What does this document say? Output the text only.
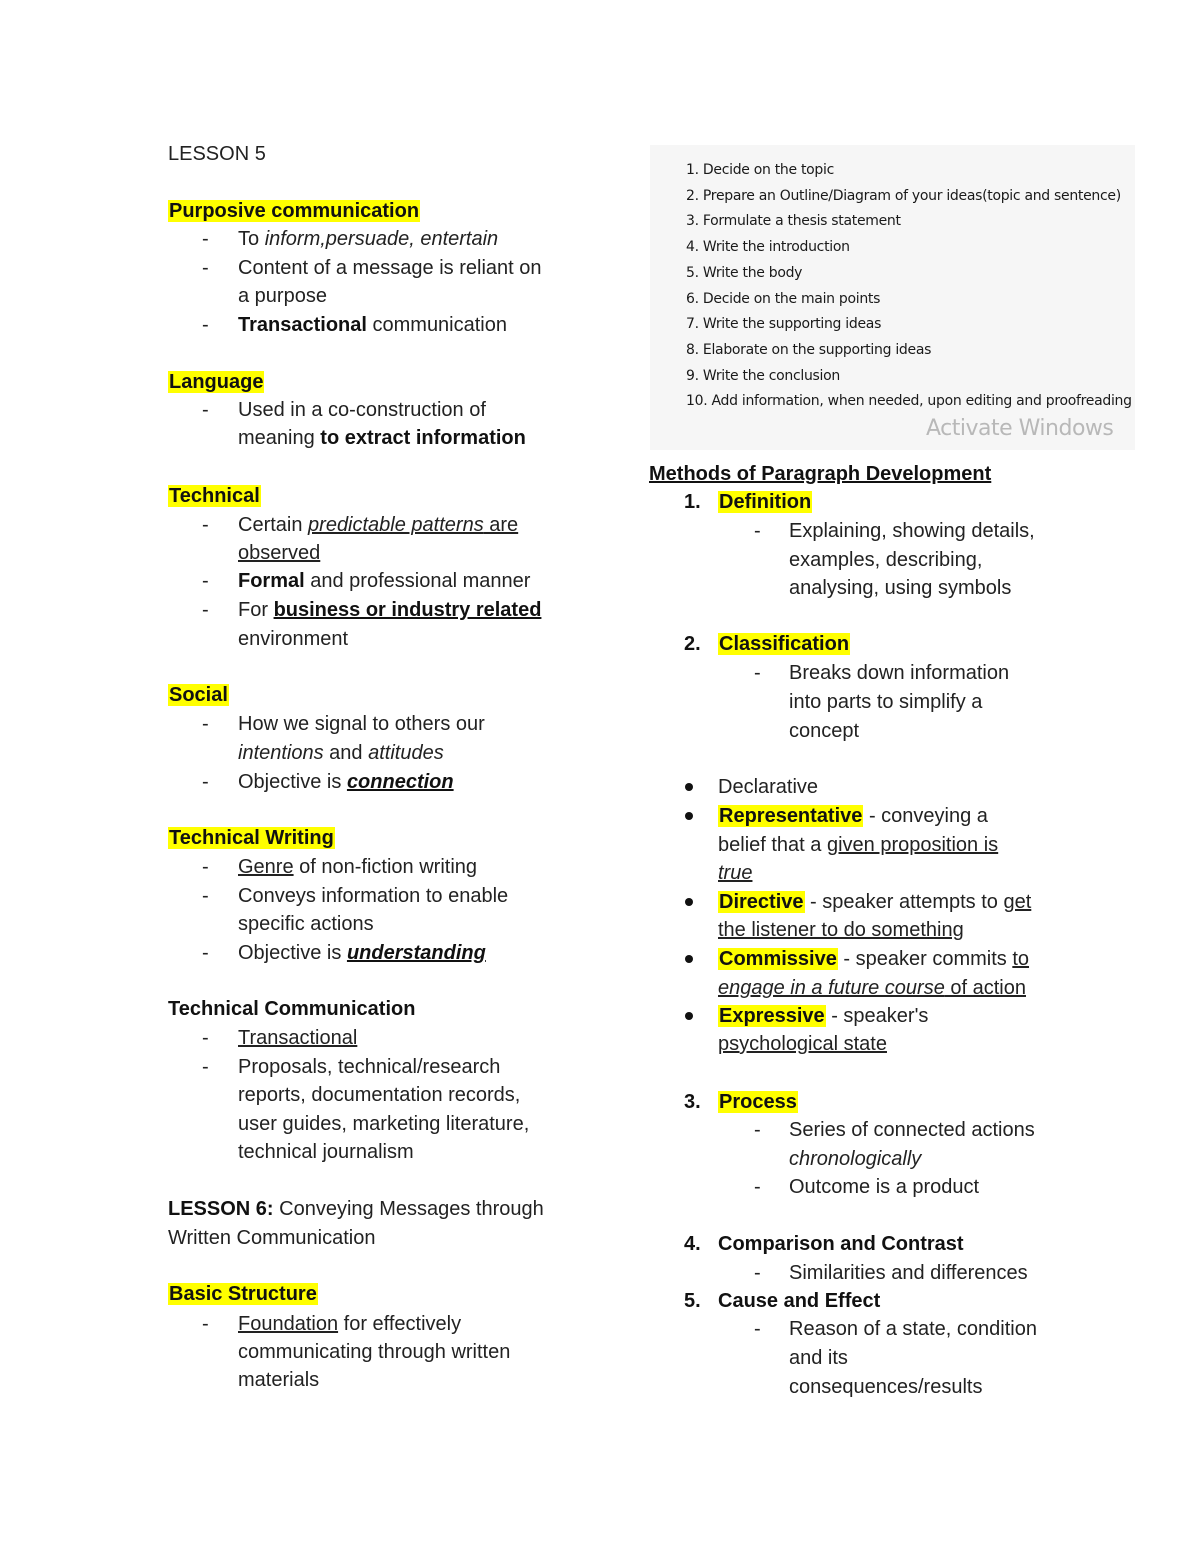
LESSON 5
Purposive communication
- To inform,persuade, entertain
- Content of a message is reliant on
a purpose
- Transactional communication
Language
- Used in a co-construction of
meaning to extract information
Technical
- Certain predictable patterns are
observed
- Formal and professional manner
- For business or industry related
environment
Social
- How we signal to others our
intentions and attitudes
- Objective is connection
Technical Writing
- Genre of non-fiction writing
- Conveys information to enable
specific actions
- Objective is understanding
Technical Communication
- Transactional
- Proposals, technical/research
reports, documentation records,
user guides, marketing literature,
technical journalism
LESSON 6: Conveying Messages through
Written Communication
Basic Structure
- Foundation for effectively
communicating through written
materials
1. Decide on the topic
2. Prepare an Outline/Diagram of your ideas(topic and sentence)
3. Formulate a thesis statement
4. Write the introduction
5. Write the body
6. Decide on the main points
7. Write the supporting ideas
8. Elaborate on the supporting ideas
9. Write the conclusion
10. Add information, when needed, upon editing and proofreading
Activate Windows
Methods of Paragraph Development
1. Definition
- Explaining, showing details,
examples, describing,
analysing, using symbols
2. Classification
- Breaks down information
into parts to simplify a
concept
Declarative
Representative - conveying a
belief that a given proposition is
true
Directive - speaker attempts to get
the listener to do something
Commissive - speaker commits to
engage in a future course of action
Expressive - speaker's
psychological state
3. Process
- Series of connected actions
chronologically
- Outcome is a product
4. Comparison and Contrast
- Similarities and differences
5. Cause and Effect
- Reason of a state, condition
and its
consequences/results
